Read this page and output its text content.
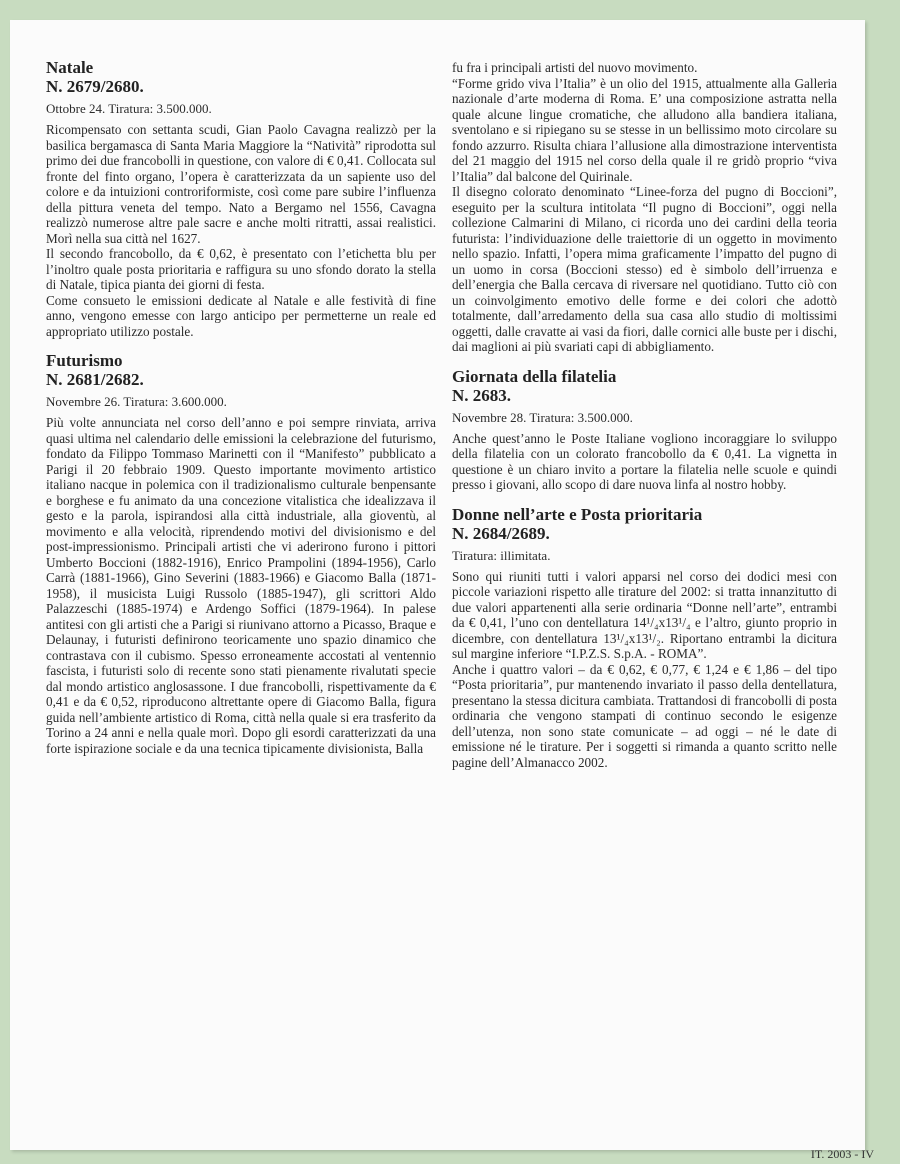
Natale
N. 2679/2680.

Ottobre 24. Tiratura: 3.500.000.

Ricompensato con settanta scudi, Gian Paolo Cavagna realizzò per la basilica bergamasca di Santa Maria Maggiore la “Natività” riprodotta sul primo dei due francobolli in questione, con valore di € 0,41. Collocata sul fronte del finto organo, l’opera è caratterizzata da un sapiente uso del colore e da intuizioni controriformiste, così come pare subire l’influenza della pittura veneta del tempo. Nato a Bergamo nel 1556, Cavagna realizzò numerose altre pale sacre e anche molti ritratti, assai realistici. Morì nella sua città nel 1627.

Il secondo francobollo, da € 0,62, è presentato con l’etichetta blu per l’inoltro quale posta prioritaria e raffigura su uno sfondo dorato la stella di Natale, tipica pianta dei giorni di festa.

Come consueto le emissioni dedicate al Natale e alle festività di fine anno, vengono emesse con largo anticipo per permetterne un reale ed appropriato utilizzo postale.

Futurismo
N. 2681/2682.

Novembre 26. Tiratura: 3.600.000.

Più volte annunciata nel corso dell’anno e poi sempre rinviata, arriva quasi ultima nel calendario delle emissioni la celebrazione del futurismo, fondato da Filippo Tommaso Marinetti con il “Manifesto” pubblicato a Parigi il 20 febbraio 1909. Questo importante movimento artistico italiano nacque in polemica con il tradizionalismo culturale benpensante e borghese e fu animato da una concezione vitalistica che idealizzava il gesto e la parola, ispirandosi alla città industriale, alla gioventù, al movimento e alla velocità, riprendendo motivi del divisionismo e del post-impressionismo. Principali artisti che vi aderirono furono i pittori Umberto Boccioni (1882-1916), Enrico Prampolini (1894-1956), Carlo Carrà (1881-1966), Gino Severini (1883-1966) e Giacomo Balla (1871-1958), il musicista Luigi Russolo (1885-1947), gli scrittori Aldo Palazzeschi (1885-1974) e Ardengo Soffici (1879-1964). In palese antitesi con gli artisti che a Parigi si riunivano attorno a Picasso, Braque e Delaunay, i futuristi definirono teoricamente uno spazio dinamico che contrastava con il cubismo. Spesso erroneamente accostati al ventennio fascista, i futuristi solo di recente sono stati pienamente rivalutati specie dal mondo artistico anglosassone. I due francobolli, rispettivamente da € 0,41 e da € 0,52, riproducono altrettante opere di Giacomo Balla, figura guida nell’ambiente artistico di Roma, città nella quale si era trasferito da Torino a 24 anni e nella quale morì. Dopo gli esordi caratterizzati da una forte ispirazione sociale e da una tecnica tipicamente divisionista, Balla

fu fra i principali artisti del nuovo movimento.

“Forme grido viva l’Italia” è un olio del 1915, attualmente alla Galleria nazionale d’arte moderna di Roma. E’ una composizione astratta nella quale alcune lingue cromatiche, che alludono alla bandiera italiana, sventolano e si ripiegano su se stesse in un bellissimo moto circolare su fondo azzurro. Risulta chiara l’allusione alla dimostrazione interventista del 21 maggio del 1915 nel corso della quale il re gridò proprio “viva l’Italia” dal balcone del Quirinale.

Il disegno colorato denominato “Linee-forza del pugno di Boccioni”, eseguito per la scultura intitolata “Il pugno di Boccioni”, oggi nella collezione Calmarini di Milano, ci ricorda uno dei cardini della teoria futurista: l’individuazione delle traiettorie di un oggetto in movimento nello spazio. Infatti, l’opera mima graficamente l’impatto del pugno di un uomo in corsa (Boccioni stesso) ed è simbolo dell’irruenza e dell’energia che Balla cercava di riversare nel quotidiano. Tutto ciò con un coinvolgimento emotivo delle forme e dei colori che adottò totalmente, dall’arredamento della sua casa allo studio di moltissimi oggetti, dalle cravatte ai vasi da fiori, dalle cornici alle buste per i dischi, dai maglioni ai più svariati capi di abbigliamento.

Giornata della filatelia
N. 2683.

Novembre 28. Tiratura: 3.500.000.

Anche quest’anno le Poste Italiane vogliono incoraggiare lo sviluppo della filatelia con un colorato francobollo da € 0,41. La vignetta in questione è un chiaro invito a portare la filatelia nelle scuole e quindi presso i giovani, allo scopo di dare nuova linfa al nostro hobby.

Donne nell’arte e Posta prioritaria
N. 2684/2689.

Tiratura: illimitata.

Sono qui riuniti tutti i valori apparsi nel corso dei dodici mesi con piccole variazioni rispetto alle tirature del 2002: si tratta innanzitutto di due valori appartenenti alla serie ordinaria “Donne nell’arte”, entrambi da € 0,41, l’uno con dentellatura 14¹/₄x13¹/₄ e l’altro, giunto proprio in dicembre, con dentellatura 13¹/₄x13¹/₂. Riportano entrambi la dicitura sul margine inferiore “I.P.Z.S. S.p.A. - ROMA”.

Anche i quattro valori – da € 0,62, € 0,77, € 1,24 e € 1,86 – del tipo “Posta prioritaria”, pur mantenendo invariato il passo della dentellatura, presentano la stessa dicitura cambiata. Trattandosi di francobolli di posta ordinaria che vengono stampati di continuo secondo le esigenze dell’utenza, non sono state comunicate – ad oggi – né le date di emissione né le tirature. Per i soggetti si rimanda a quanto scritto nelle pagine dell’Almanacco 2002.

IT. 2003 - IV
